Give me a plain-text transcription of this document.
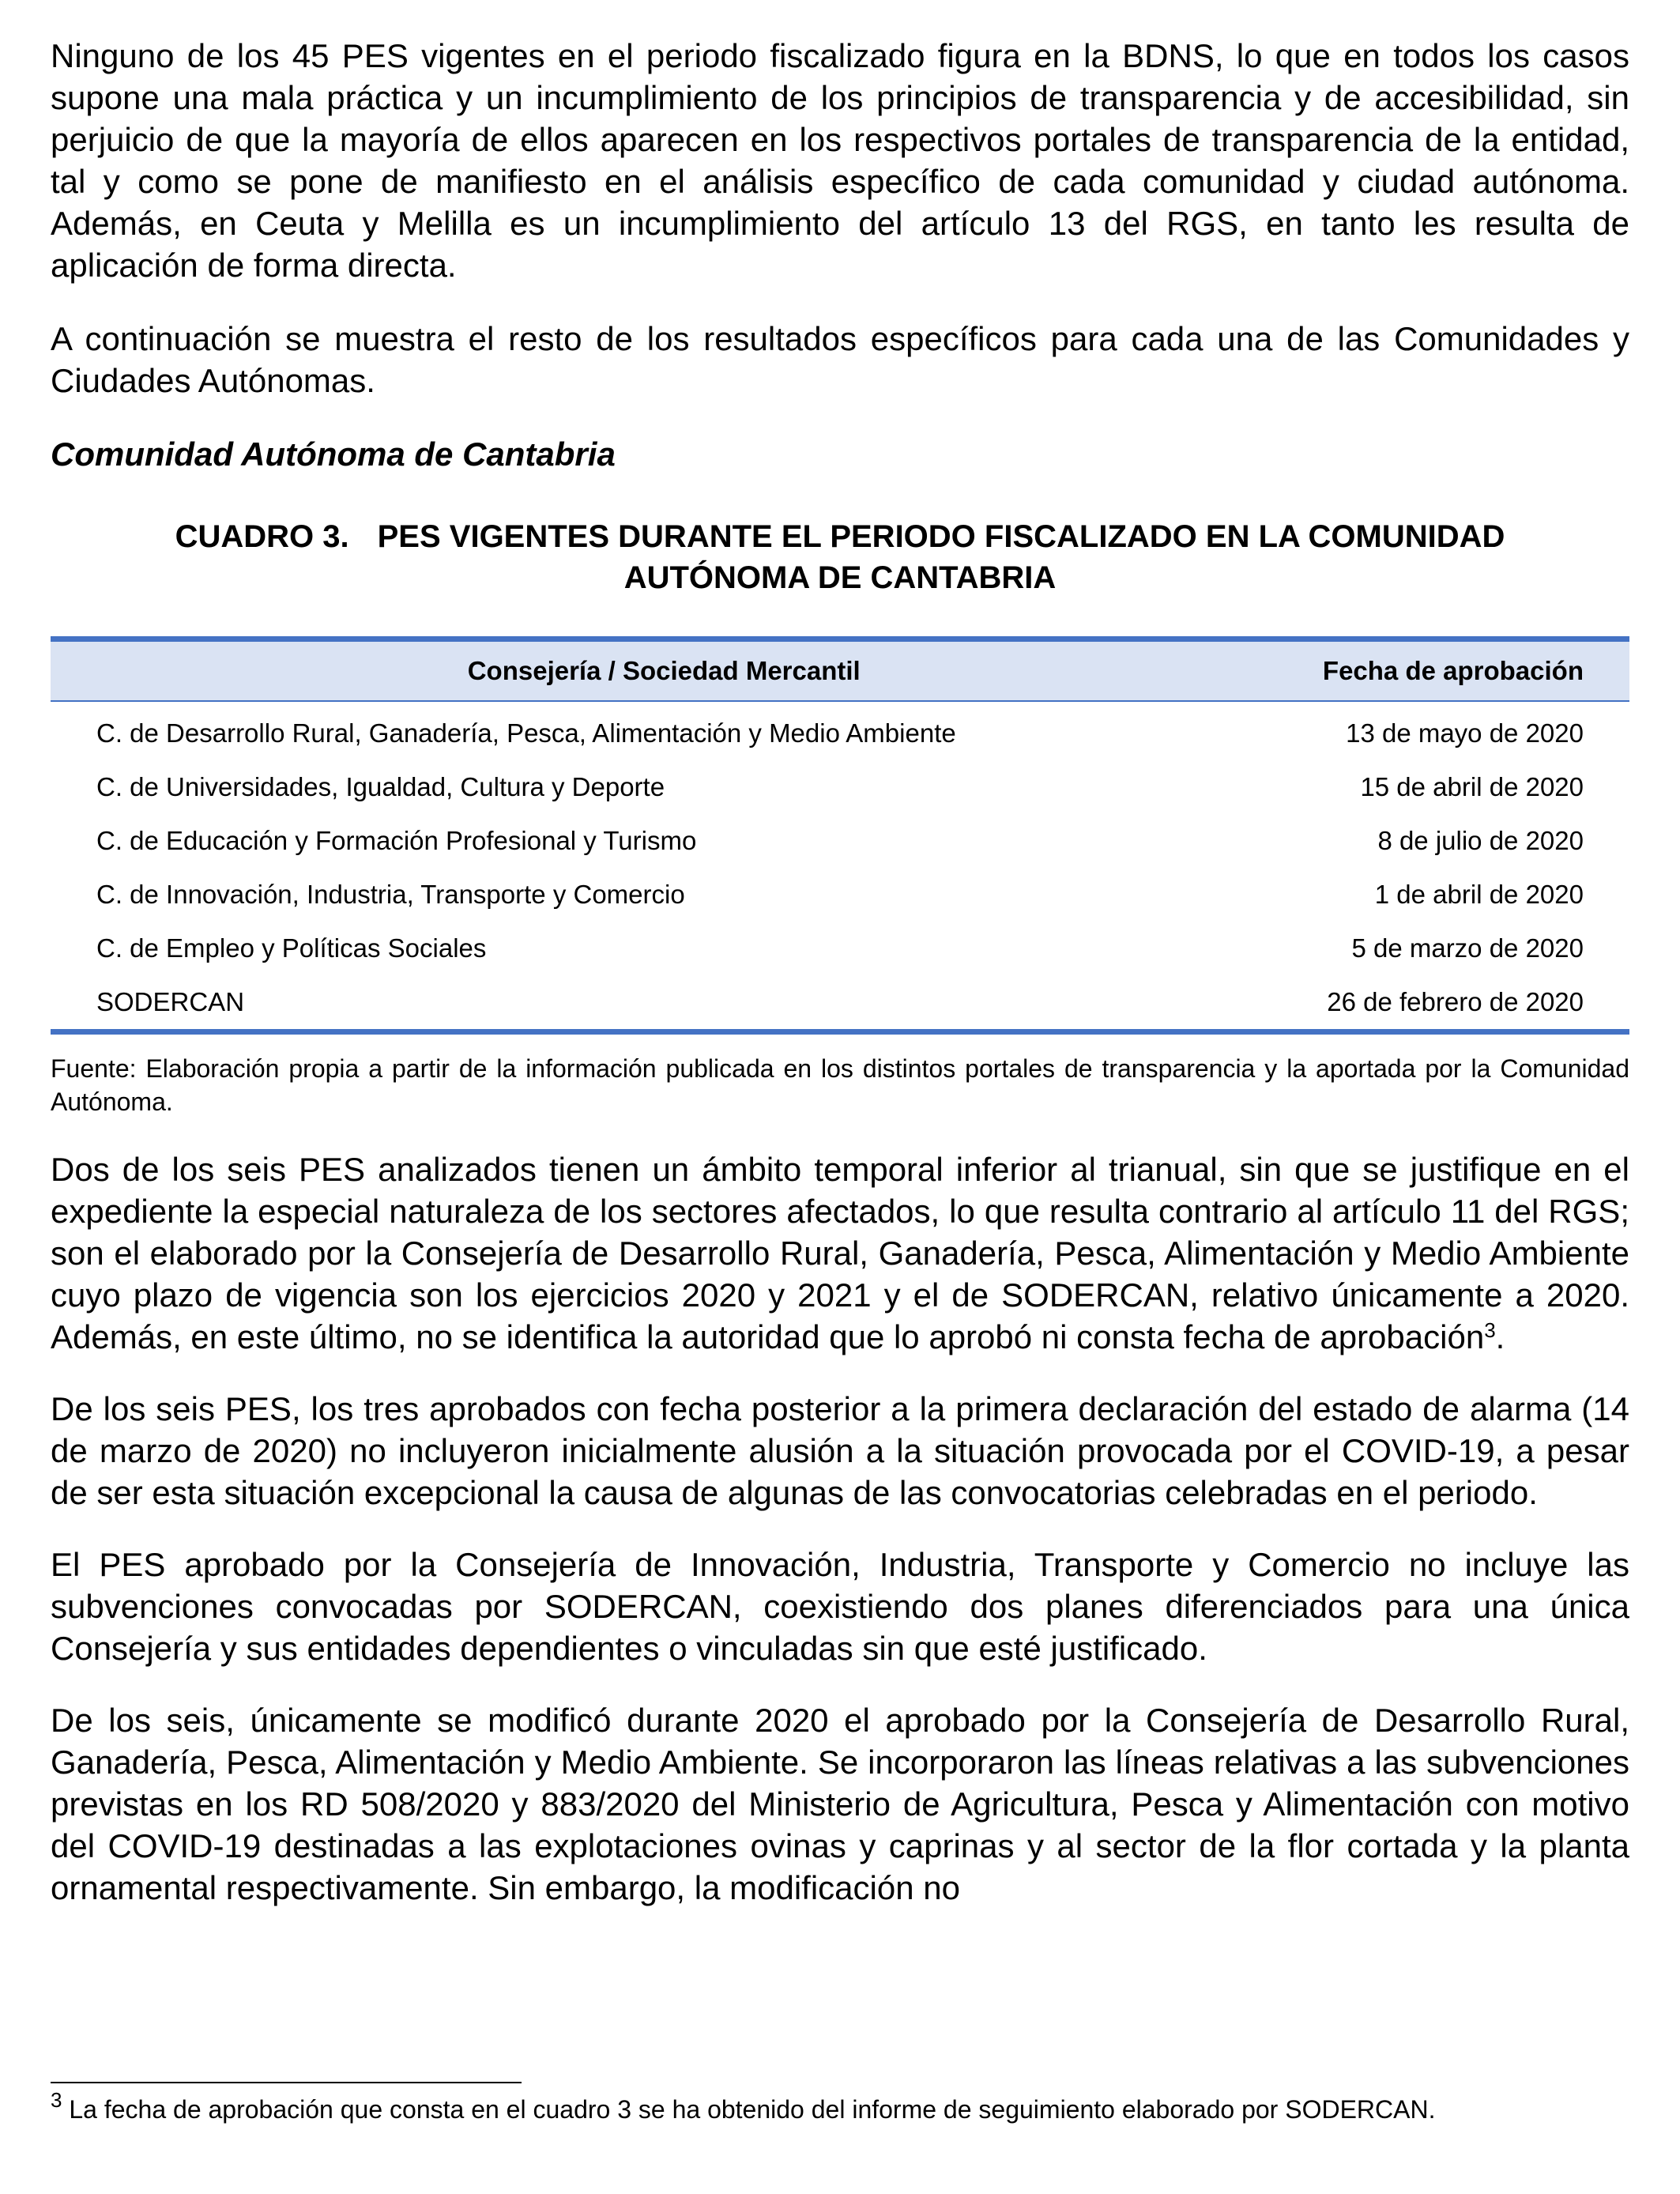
Ninguno de los 45 PES vigentes en el periodo fiscalizado figura en la BDNS, lo que en todos los casos supone una mala práctica y un incumplimiento de los principios de transparencia y de accesibilidad, sin perjuicio de que la mayoría de ellos aparecen en los respectivos portales de transparencia de la entidad, tal y como se pone de manifiesto en el análisis específico de cada comunidad y ciudad autónoma. Además, en Ceuta y Melilla es un incumplimiento del artículo 13 del RGS, en tanto les resulta de aplicación de forma directa.

A continuación se muestra el resto de los resultados específicos para cada una de las Comunidades y Ciudades Autónomas.

Comunidad Autónoma de Cantabria

CUADRO 3. PES VIGENTES DURANTE EL PERIODO FISCALIZADO EN LA COMUNIDAD
AUTÓNOMA DE CANTABRIA

Consejería / Sociedad Mercantil	Fecha de aprobación
C. de Desarrollo Rural, Ganadería, Pesca, Alimentación y Medio Ambiente	13 de mayo de 2020
C. de Universidades, Igualdad, Cultura y Deporte	15 de abril de 2020
C. de Educación y Formación Profesional y Turismo	8 de julio de 2020
C. de Innovación, Industria, Transporte y Comercio	1 de abril de 2020
C. de Empleo y Políticas Sociales	5 de marzo de 2020
SODERCAN	26 de febrero de 2020

Fuente: Elaboración propia a partir de la información publicada en los distintos portales de transparencia y la aportada por la Comunidad Autónoma.

Dos de los seis PES analizados tienen un ámbito temporal inferior al trianual, sin que se justifique en el expediente la especial naturaleza de los sectores afectados, lo que resulta contrario al artículo 11 del RGS; son el elaborado por la Consejería de Desarrollo Rural, Ganadería, Pesca, Alimentación y Medio Ambiente cuyo plazo de vigencia son los ejercicios 2020 y 2021 y el de SODERCAN, relativo únicamente a 2020. Además, en este último, no se identifica la autoridad que lo aprobó ni consta fecha de aprobación$^3$.

De los seis PES, los tres aprobados con fecha posterior a la primera declaración del estado de alarma (14 de marzo de 2020) no incluyeron inicialmente alusión a la situación provocada por el COVID-19, a pesar de ser esta situación excepcional la causa de algunas de las convocatorias celebradas en el periodo.

El PES aprobado por la Consejería de Innovación, Industria, Transporte y Comercio no incluye las subvenciones convocadas por SODERCAN, coexistiendo dos planes diferenciados para una única Consejería y sus entidades dependientes o vinculadas sin que esté justificado.

De los seis, únicamente se modificó durante 2020 el aprobado por la Consejería de Desarrollo Rural, Ganadería, Pesca, Alimentación y Medio Ambiente. Se incorporaron las líneas relativas a las subvenciones previstas en los RD 508/2020 y 883/2020 del Ministerio de Agricultura, Pesca y Alimentación con motivo del COVID-19 destinadas a las explotaciones ovinas y caprinas y al sector de la flor cortada y la planta ornamental respectivamente. Sin embargo, la modificación no

$^3$ La fecha de aprobación que consta en el cuadro 3 se ha obtenido del informe de seguimiento elaborado por SODERCAN.
